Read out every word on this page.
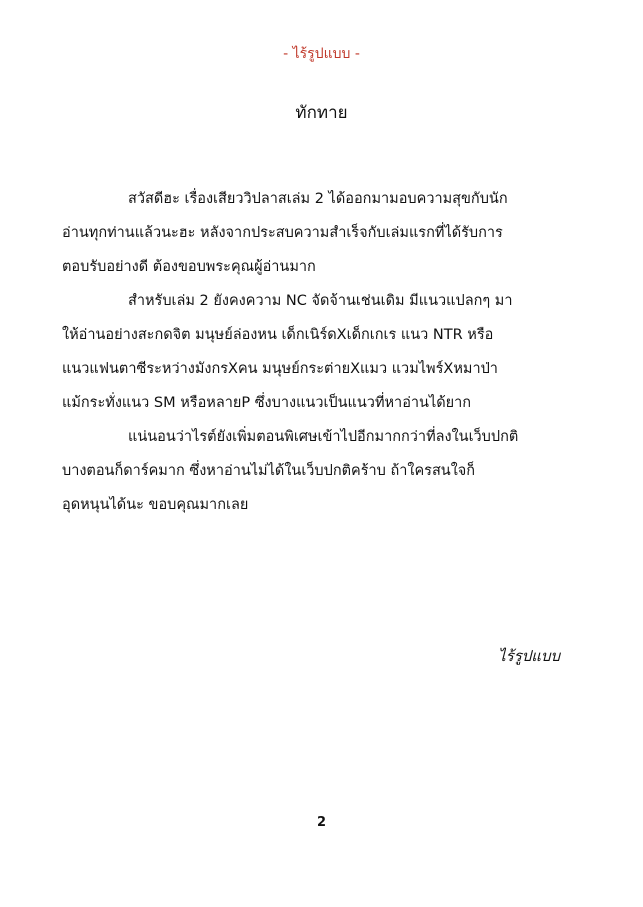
- ไร้รูปแบบ -
ทักทาย
สวัสดีฮะ เรื่องเสียววิปลาสเล่ม 2 ได้ออกมามอบความสุขกับนัก
อ่านทุกท่านแล้วนะฮะ หลังจากประสบความสำเร็จกับเล่มแรกที่ได้รับการ
ตอบรับอย่างดี ต้องขอบพระคุณผู้อ่านมาก
สำหรับเล่ม 2 ยังคงความ NC จัดจ้านเช่นเดิม มีแนวแปลกๆ มา
ให้อ่านอย่างสะกดจิต มนุษย์ล่องหน เด็กเนิร์ดXเด็กเกเร แนว NTR หรือ
แนวแฟนตาซีระหว่างมังกรXคน มนุษย์กระต่ายXแมว แวมไพร์Xหมาป่า
แม้กระทั่งแนว SM หรือหลายP ซึ่งบางแนวเป็นแนวที่หาอ่านได้ยาก
แน่นอนว่าไรต์ยังเพิ่มตอนพิเศษเข้าไปอีกมากกว่าที่ลงในเว็บปกติ
บางตอนก็ดาร์คมาก ซึ่งหาอ่านไม่ได้ในเว็บปกติคร้าบ ถ้าใครสนใจก็
อุดหนุนได้นะ ขอบคุณมากเลย
ไร้รูปแบบ
2
